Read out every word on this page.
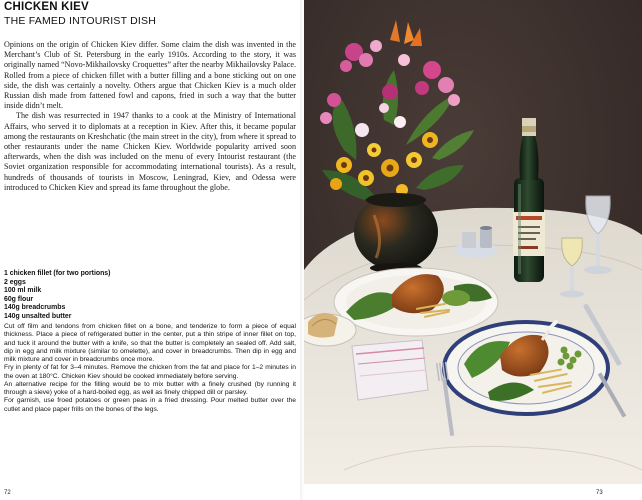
CHICKEN KIEV
THE FAMED INTOURIST DISH

Opinions on the origin of Chicken Kiev differ. Some claim the dish was invented in the Merchant’s Club of St. Petersburg in the early 1910s. According to the story, it was originally named “Novo-Mikhailovsky Croquettes” after the nearby Mikhailovsky Palace. Rolled from a piece of chicken fillet with a butter filling and a bone sticking out on one side, the dish was certainly a novelty. Others argue that Chicken Kiev is a much older Russian dish made from fattened fowl and capons, fried in such a way that the butter inside didn’t melt.

The dish was resurrected in 1947 thanks to a cook at the Ministry of International Affairs, who served it to diplomats at a reception in Kiev. After this, it became popular among the restaurants on Kreshchatic (the main street in the city), from where it spread to other restaurants under the name Chicken Kiev. Worldwide popularity arrived soon afterwards, when the dish was included on the menu of every Intourist restaurant (the Soviet organization responsible for accommodating international tourists). As a result, hundreds of thousands of tourists in Moscow, Leningrad, Kiev, and Odessa were introduced to Chicken Kiev and spread its fame throughout the globe.

1 chicken fillet (for two portions)
2 eggs
100 ml milk
60g flour
140g breadcrumbs
140g unsalted butter

Cut off film and tendons from chicken fillet on a bone, and tenderize to form a piece of equal thickness. Place a piece of refrigerated butter in the center, put a thin stripe of inner fillet on top, and tuck it around the butter with a knife, so that the butter is completely an sealed off. Add salt, dip in egg and milk mixture (similar to omelette), and cover in breadcrumbs. Then dip in egg and milk mixture and cover in breadcrumbs once more.

Fry in plenty of fat for 3–4 minutes. Remove the chicken from the fat and place for 1–2 minutes in the oven at 180°C. Chicken Kiev should be cooked immediately before serving.

An alternative recipe for the filling would be to mix butter with a finely crushed (by running it through a sieve) yoke of a hard-boiled egg, as well as finely chipped dill or parsley.

For garnish, use froed potatoes or green peas in a fried dressing. Pour melted butter over the cutlet and place paper frills on the bones of the legs.

72	73
